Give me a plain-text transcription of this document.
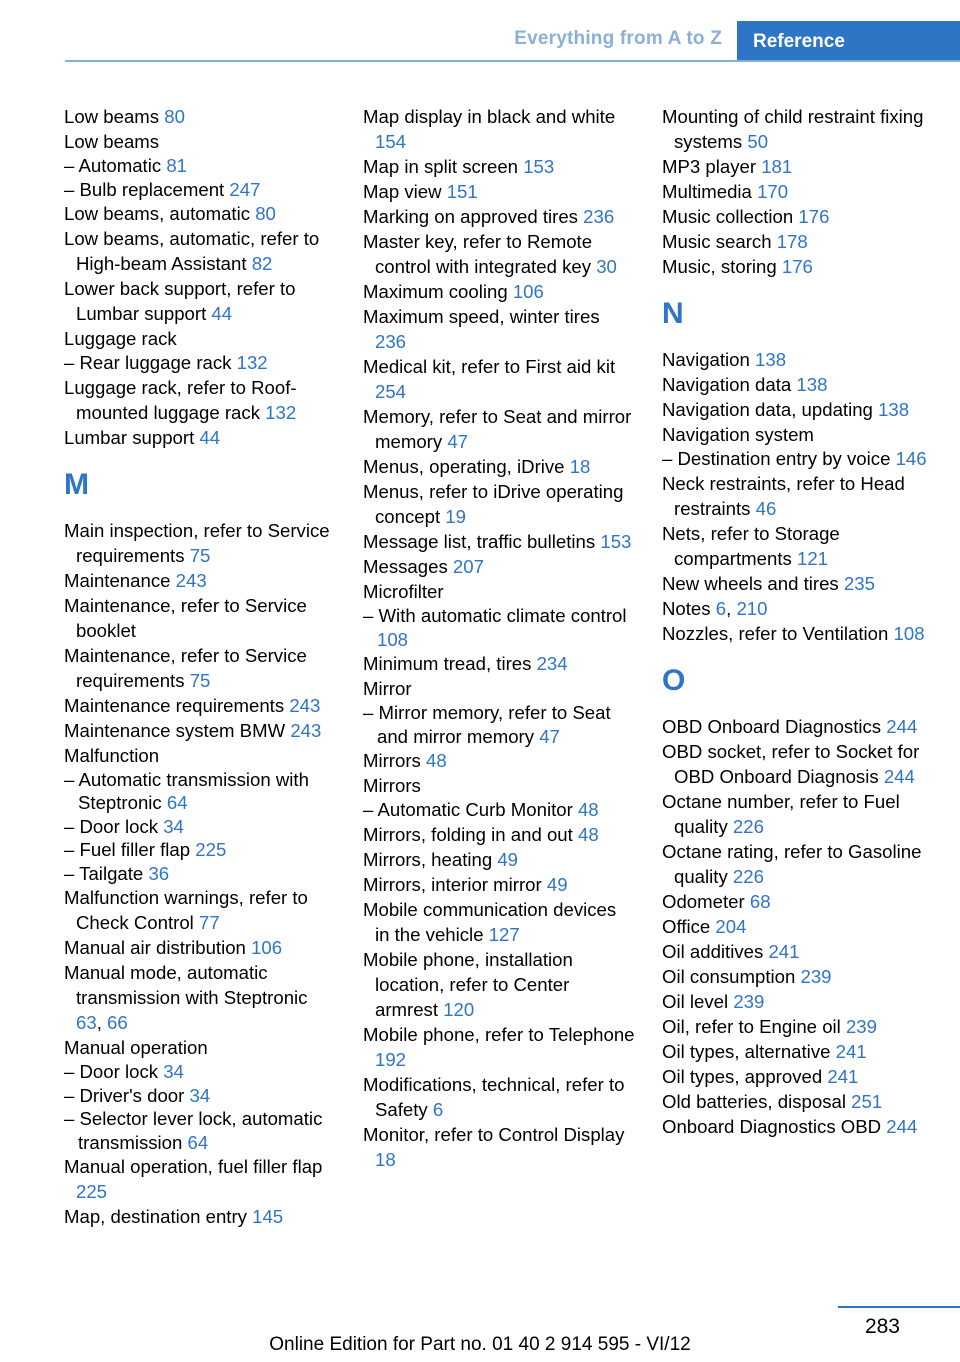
Everything from A to Z	Reference
Low beams 80
Low beams
– Automatic 81
– Bulb replacement 247
Low beams, automatic 80
Low beams, automatic, refer to High-beam Assistant 82
Lower back support, refer to Lumbar support 44
Luggage rack
– Rear luggage rack 132
Luggage rack, refer to Roof-mounted luggage rack 132
Lumbar support 44
M
Main inspection, refer to Service requirements 75
Maintenance 243
Maintenance, refer to Service booklet
Maintenance, refer to Service requirements 75
Maintenance requirements 243
Maintenance system BMW 243
Malfunction
– Automatic transmission with Steptronic 64
– Door lock 34
– Fuel filler flap 225
– Tailgate 36
Malfunction warnings, refer to Check Control 77
Manual air distribution 106
Manual mode, automatic transmission with Steptronic 63, 66
Manual operation
– Door lock 34
– Driver's door 34
– Selector lever lock, automatic transmission 64
Manual operation, fuel filler flap 225
Map, destination entry 145
Map display in black and white 154
Map in split screen 153
Map view 151
Marking on approved tires 236
Master key, refer to Remote control with integrated key 30
Maximum cooling 106
Maximum speed, winter tires 236
Medical kit, refer to First aid kit 254
Memory, refer to Seat and mirror memory 47
Menus, operating, iDrive 18
Menus, refer to iDrive operating concept 19
Message list, traffic bulletins 153
Messages 207
Microfilter
– With automatic climate control 108
Minimum tread, tires 234
Mirror
– Mirror memory, refer to Seat and mirror memory 47
Mirrors 48
Mirrors
– Automatic Curb Monitor 48
Mirrors, folding in and out 48
Mirrors, heating 49
Mirrors, interior mirror 49
Mobile communication devices in the vehicle 127
Mobile phone, installation location, refer to Center armrest 120
Mobile phone, refer to Telephone 192
Modifications, technical, refer to Safety 6
Monitor, refer to Control Display 18
Mounting of child restraint fixing systems 50
MP3 player 181
Multimedia 170
Music collection 176
Music search 178
Music, storing 176
N
Navigation 138
Navigation data 138
Navigation data, updating 138
Navigation system
– Destination entry by voice 146
Neck restraints, refer to Head restraints 46
Nets, refer to Storage compartments 121
New wheels and tires 235
Notes 6, 210
Nozzles, refer to Ventilation 108
O
OBD Onboard Diagnostics 244
OBD socket, refer to Socket for OBD Onboard Diagnosis 244
Octane number, refer to Fuel quality 226
Octane rating, refer to Gasoline quality 226
Odometer 68
Office 204
Oil additives 241
Oil consumption 239
Oil level 239
Oil, refer to Engine oil 239
Oil types, alternative 241
Oil types, approved 241
Old batteries, disposal 251
Onboard Diagnostics OBD 244
283
Online Edition for Part no. 01 40 2 914 595 - VI/12
